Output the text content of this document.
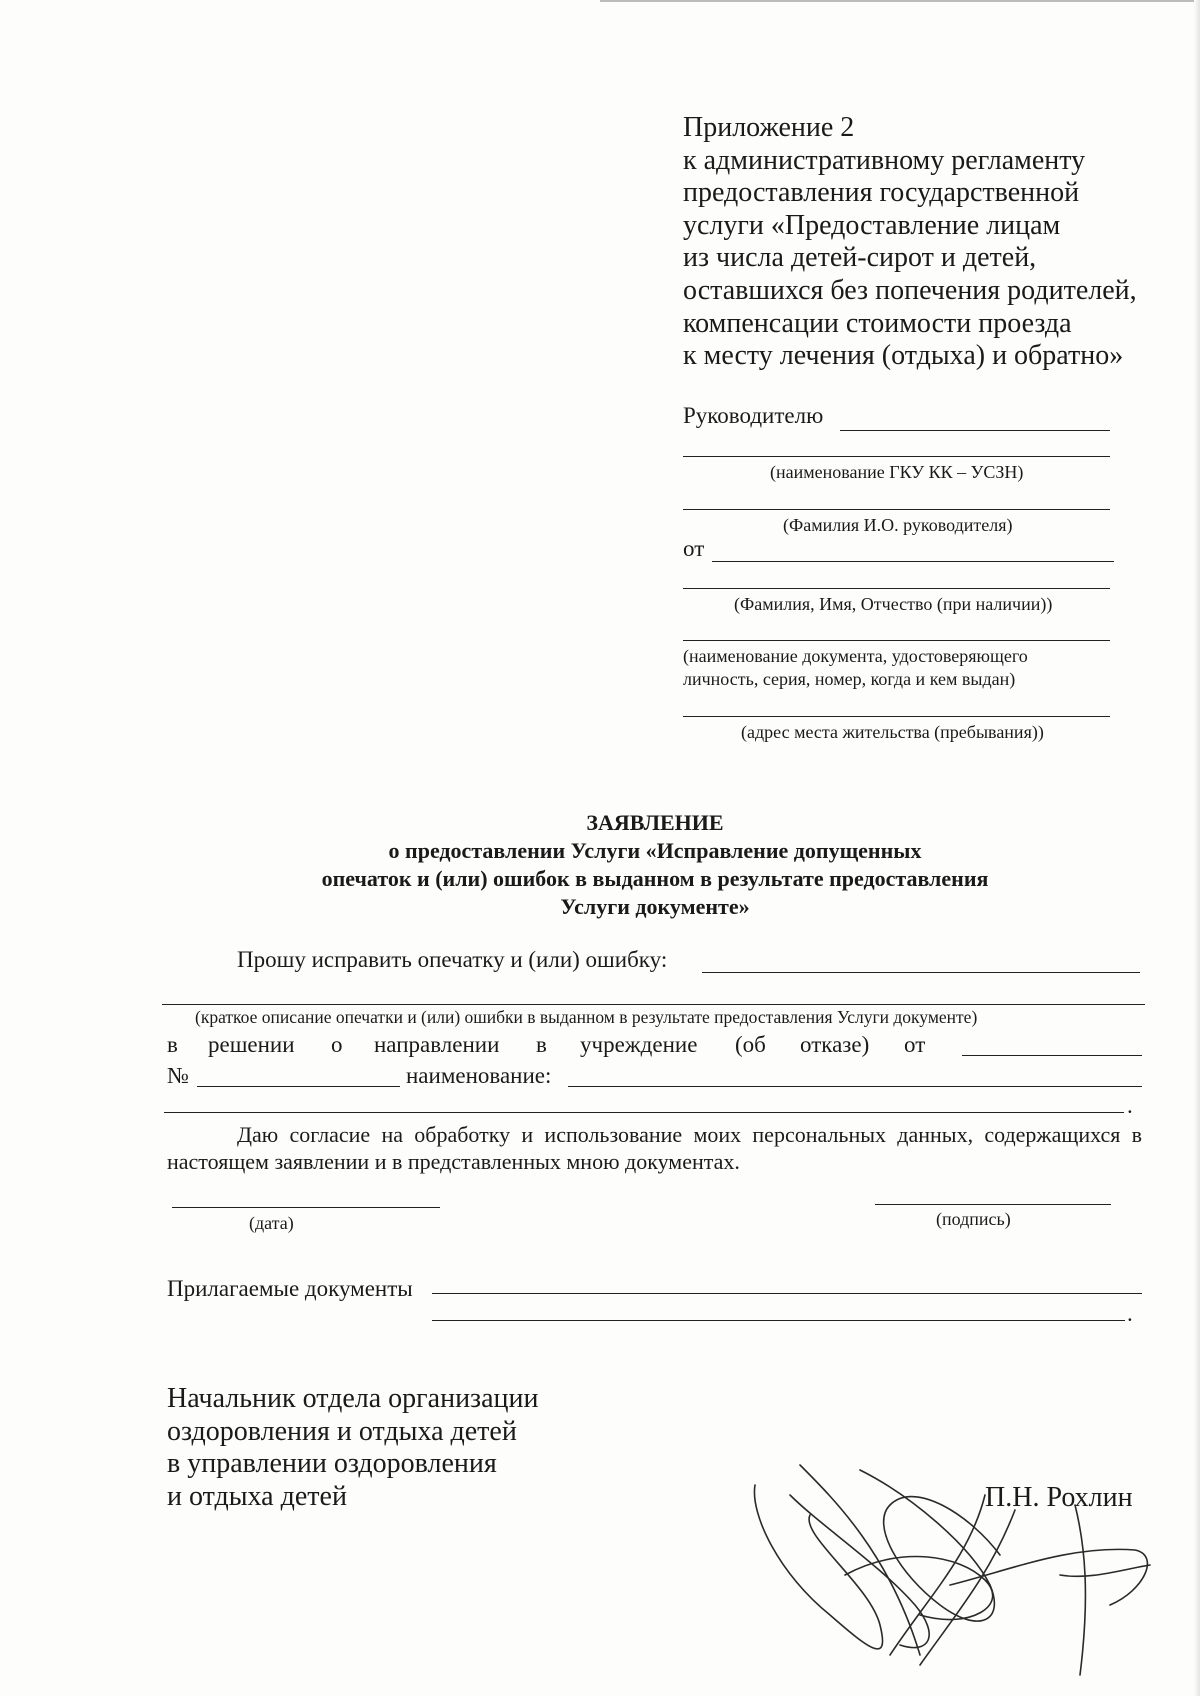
Приложение 2
к административному регламенту
предоставления государственной
услуги «Предоставление лицам
из числа детей-сирот и детей,
оставшихся без попечения родителей,
компенсации стоимости проезда
к месту лечения (отдыха) и обратно»
Руководителю
(наименование ГКУ КК – УСЗН)
(Фамилия И.О. руководителя)
от
(Фамилия, Имя, Отчество (при наличии))
(наименование документа, удостоверяющего
личность, серия, номер, когда и кем выдан)
(адрес места жительства (пребывания))
ЗАЯВЛЕНИЕ
о предоставлении Услуги «Исправление допущенных
опечаток и (или) ошибок в выданном в результате предоставления
Услуги документе»
Прошу исправить опечатку и (или) ошибку:
(краткое описание опечатки и (или) ошибки в выданном в результате предоставления Услуги документе)
в решении о направлении в учреждение (об отказе) от
№	наименование:
.
Даю согласие на обработку и использование моих персональных данных, содержащихся в настоящем заявлении и в представленных мною документах.
(дата)	(подпись)
Прилагаемые документы
.
Начальник отдела организации
оздоровления и отдыха детей
в управлении оздоровления
и отдыха детей	П.Н. Рохлин
